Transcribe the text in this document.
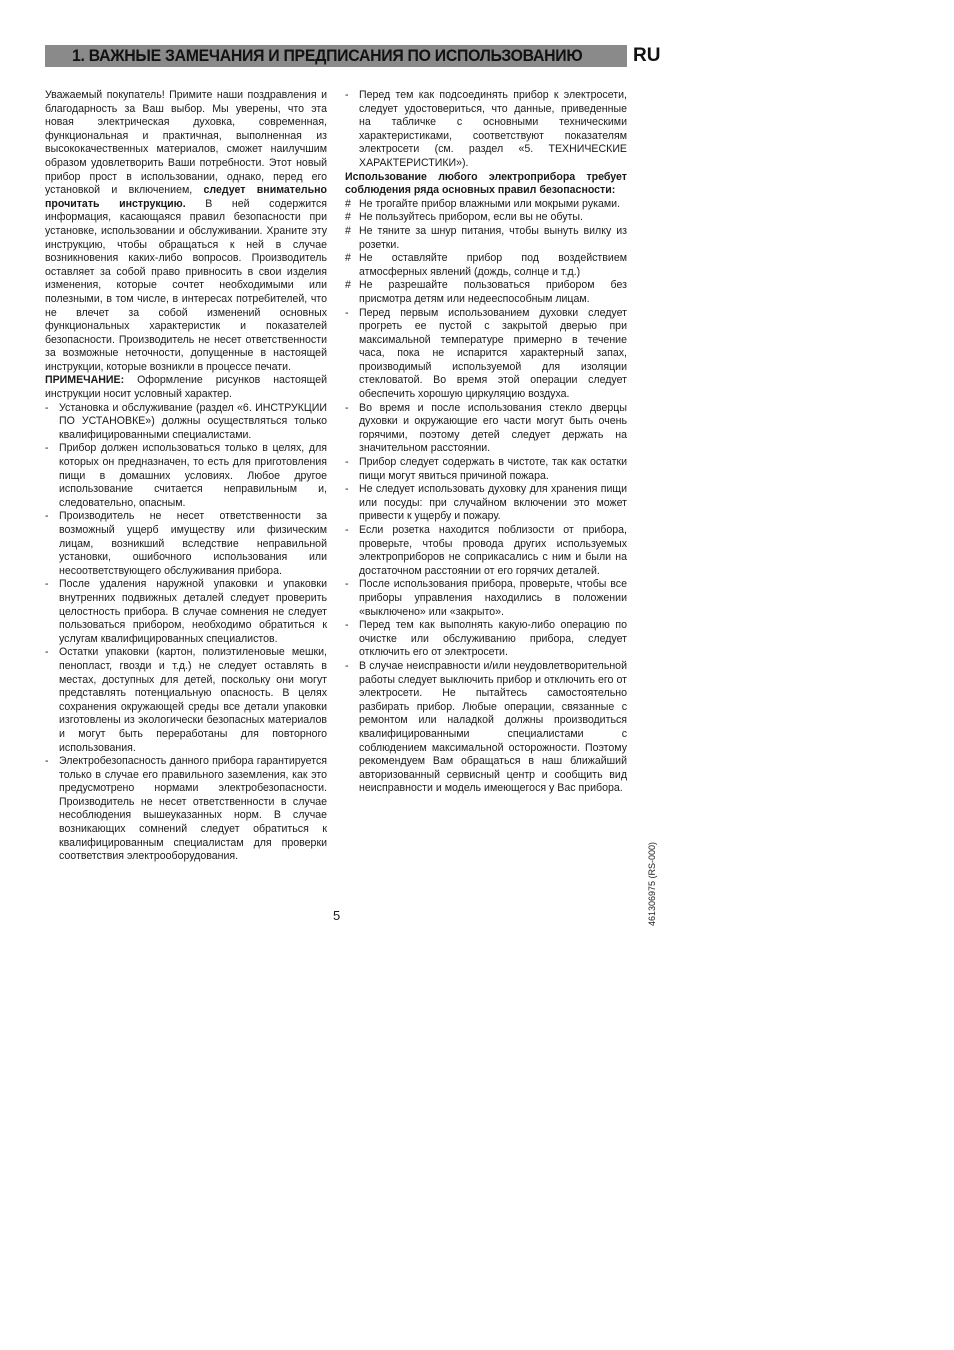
1. ВАЖНЫЕ ЗАМЕЧАНИЯ И ПРЕДПИСАНИЯ ПО ИСПОЛЬЗОВАНИЮ	RU

Уважаемый покупатель! Примите наши поздравления и благодарность за Ваш выбор. Мы уверены, что эта новая электрическая духовка, современная, функциональная и практичная, выполненная из высококачественных материалов, сможет наилучшим образом удовлетворить Ваши потребности. Этот новый прибор прост в использовании, однако, перед его установкой и включением, следует внимательно прочитать инструкцию. В ней содержится информация, касающаяся правил безопасности при установке, использовании и обслуживании. Храните эту инструкцию, чтобы обращаться к ней в случае возникновения каких-либо вопросов. Производитель оставляет за собой право привносить в свои изделия изменения, которые сочтет необходимыми или полезными, в том числе, в интересах потребителей, что не влечет за собой изменений основных функциональных характеристик и показателей безопасности. Производитель не несет ответственности за возможные неточности, допущенные в настоящей инструкции, которые возникли в процессе печати.

ПРИМЕЧАНИЕ: Оформление рисунков настоящей инструкции носит условный характер.

- Установка и обслуживание (раздел «6. ИНСТРУКЦИИ ПО УСТАНОВКЕ») должны осуществляться только квалифицированными специалистами.
- Прибор должен использоваться только в целях, для которых он предназначен, то есть для приготовления пищи в домашних условиях. Любое другое использование считается неправильным и, следовательно, опасным.
- Производитель не несет ответственности за возможный ущерб имуществу или физическим лицам, возникший вследствие неправильной установки, ошибочного использования или несоответствующего обслуживания прибора.
- После удаления наружной упаковки и упаковки внутренних подвижных деталей следует проверить целостность прибора. В случае сомнения не следует пользоваться прибором, необходимо обратиться к услугам квалифицированных специалистов.
- Остатки упаковки (картон, полиэтиленовые мешки, пенопласт, гвозди и т.д.) не следует оставлять в местах, доступных для детей, поскольку они могут представлять потенциальную опасность. В целях сохранения окружающей среды все детали упаковки изготовлены из экологически безопасных материалов и могут быть переработаны для повторного использования.
- Электробезопасность данного прибора гарантируется только в случае его правильного заземления, как это предусмотрено нормами электробезопасности. Производитель не несет ответственности в случае несоблюдения вышеуказанных норм. В случае возникающих сомнений следует обратиться к квалифицированным специалистам для проверки соответствия электрооборудования.
- Перед тем как подсоединять прибор к электросети, следует удостовериться, что данные, приведенные на табличке с основными техническими характеристиками, соответствуют показателям электросети (см. раздел «5. ТЕХНИЧЕСКИЕ ХАРАКТЕРИСТИКИ»).

Использование любого электроприбора требует соблюдения ряда основных правил безопасности:

# Не трогайте прибор влажными или мокрыми руками.
# Не пользуйтесь прибором, если вы не обуты.
# Не тяните за шнур питания, чтобы вынуть вилку из розетки.
# Не оставляйте прибор под воздействием атмосферных явлений (дождь, солнце и т.д.)
# Не разрешайте пользоваться прибором без присмотра детям или недееспособным лицам.
- Перед первым использованием духовки следует прогреть ее пустой с закрытой дверью при максимальной температуре примерно в течение часа, пока не испарится характерный запах, производимый используемой для изоляции стекловатой. Во время этой операции следует обеспечить хорошую циркуляцию воздуха.
- Во время и после использования стекло дверцы духовки и окружающие его части могут быть очень горячими, поэтому детей следует держать на значительном расстоянии.
- Прибор следует содержать в чистоте, так как остатки пищи могут явиться причиной пожара.
- Не следует использовать духовку для хранения пищи или посуды: при случайном включении это может привести к ущербу и пожару.
- Если розетка находится поблизости от прибора, проверьте, чтобы провода других используемых электроприборов не соприкасались с ним и были на достаточном расстоянии от его горячих деталей.
- После использования прибора, проверьте, чтобы все приборы управления находились в положении «выключено» или «закрыто».
- Перед тем как выполнять какую-либо операцию по очистке или обслуживанию прибора, следует отключить его от электросети.
- В случае неисправности и/или неудовлетворительной работы следует выключить прибор и отключить его от электросети. Не пытайтесь самостоятельно разбирать прибор. Любые операции, связанные с ремонтом или наладкой должны производиться квалифицированными специалистами с соблюдением максимальной осторожности. Поэтому рекомендуем Вам обращаться в наш ближайший авторизованный сервисный центр и сообщить вид неисправности и модель имеющегося у Вас прибора.
5	461306975 (RS-000)
